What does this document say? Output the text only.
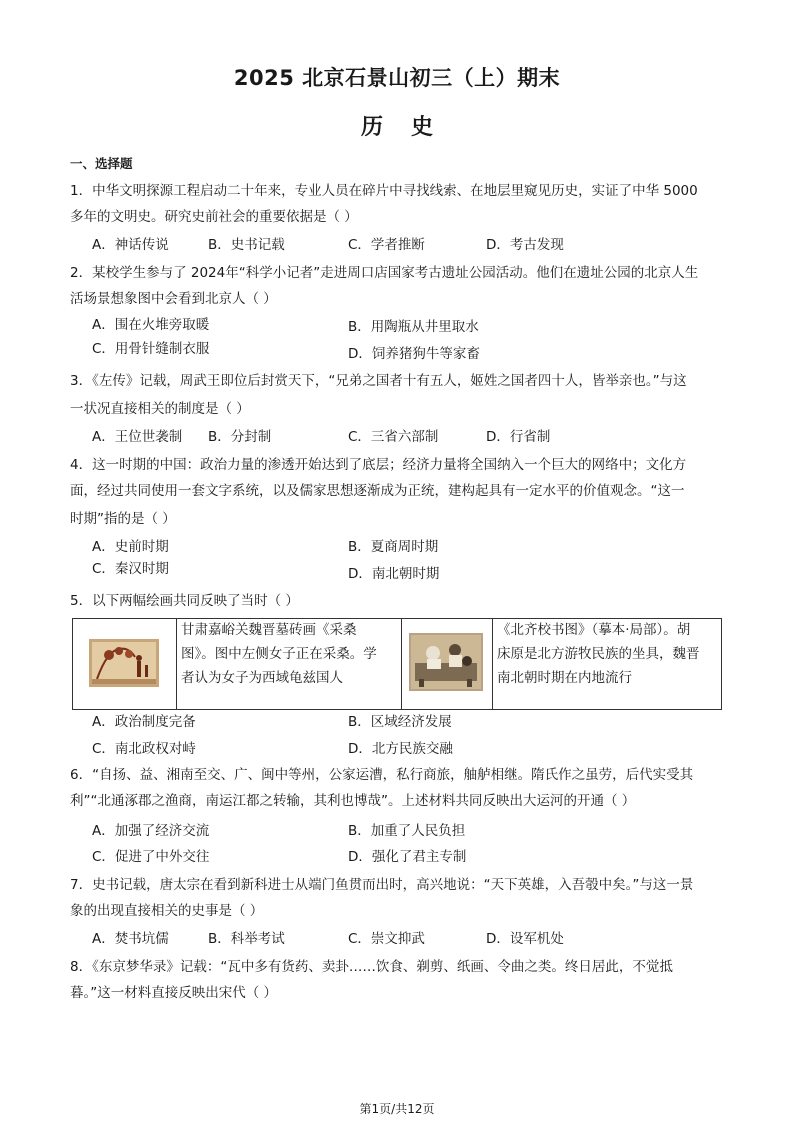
2025 北京石景山初三（上）期末
历史
一、选择题
1．中华文明探源工程启动二十年来，专业人员在碎片中寻找线索、在地层里窥见历史，实证了中华 5000
多年的文明史。研究史前社会的重要依据是（ ）
A．神话传说	B．史书记载	C．学者推断	D．考古发现
2．某校学生参与了 2024年“科学小记者”走进周口店国家考古遗址公园活动。他们在遗址公园的北京人生
活场景想象图中会看到北京人（ ）
A．围在火堆旁取暖	B．用陶瓶从井里取水
C．用骨针缝制衣服	D．饲养猪狗牛等家畜
3．《左传》记载，周武王即位后封赏天下，“兄弟之国者十有五人，姬姓之国者四十人，皆举亲也。”与这
一状况直接相关的制度是（ ）
A．王位世袭制 B．分封制	C．三省六部制	D．行省制
4．这一时期的中国：政治力量的渗透开始达到了底层；经济力量将全国纳入一个巨大的网络中；文化方
面，经过共同使用一套文字系统，以及儒家思想逐渐成为正统，建构起具有一定水平的价值观念。“这一
时期”指的是（ ）
A．史前时期	B．夏商周时期
C．秦汉时期	D．南北朝时期
5．以下两幅绘画共同反映了当时（ ）
甘肃嘉峪关魏晋墓砖画《采桑
图》。图中左侧女子正在采桑。学
者认为女子为西域龟兹国人
《北齐校书图》（摹本·局部）。胡
床原是北方游牧民族的坐具，魏晋
南北朝时期在内地流行
A．政治制度完备	B．区域经济发展
C．南北政权对峙	D．北方民族交融
6．“自扬、益、湘南至交、广、闽中等州，公家运漕，私行商旅，舳舻相继。隋氏作之虽劳，后代实受其
利”“北通涿郡之渔商，南运江都之转输，其利也博哉”。上述材料共同反映出大运河的开通（ ）
A．加强了经济交流	B．加重了人民负担
C．促进了中外交往	D．强化了君主专制
7．史书记载，唐太宗在看到新科进士从端门鱼贯而出时，高兴地说：“天下英雄，入吾彀中矣。”与这一景
象的出现直接相关的史事是（ ）
A．焚书坑儒	B．科举考试	C．崇文抑武	D．设军机处
8．《东京梦华录》记载：“瓦中多有货药、卖卦……饮食、剃剪、纸画、令曲之类。终日居此，不觉抵
暮。”这一材料直接反映出宋代（ ）
第1页/共12页
